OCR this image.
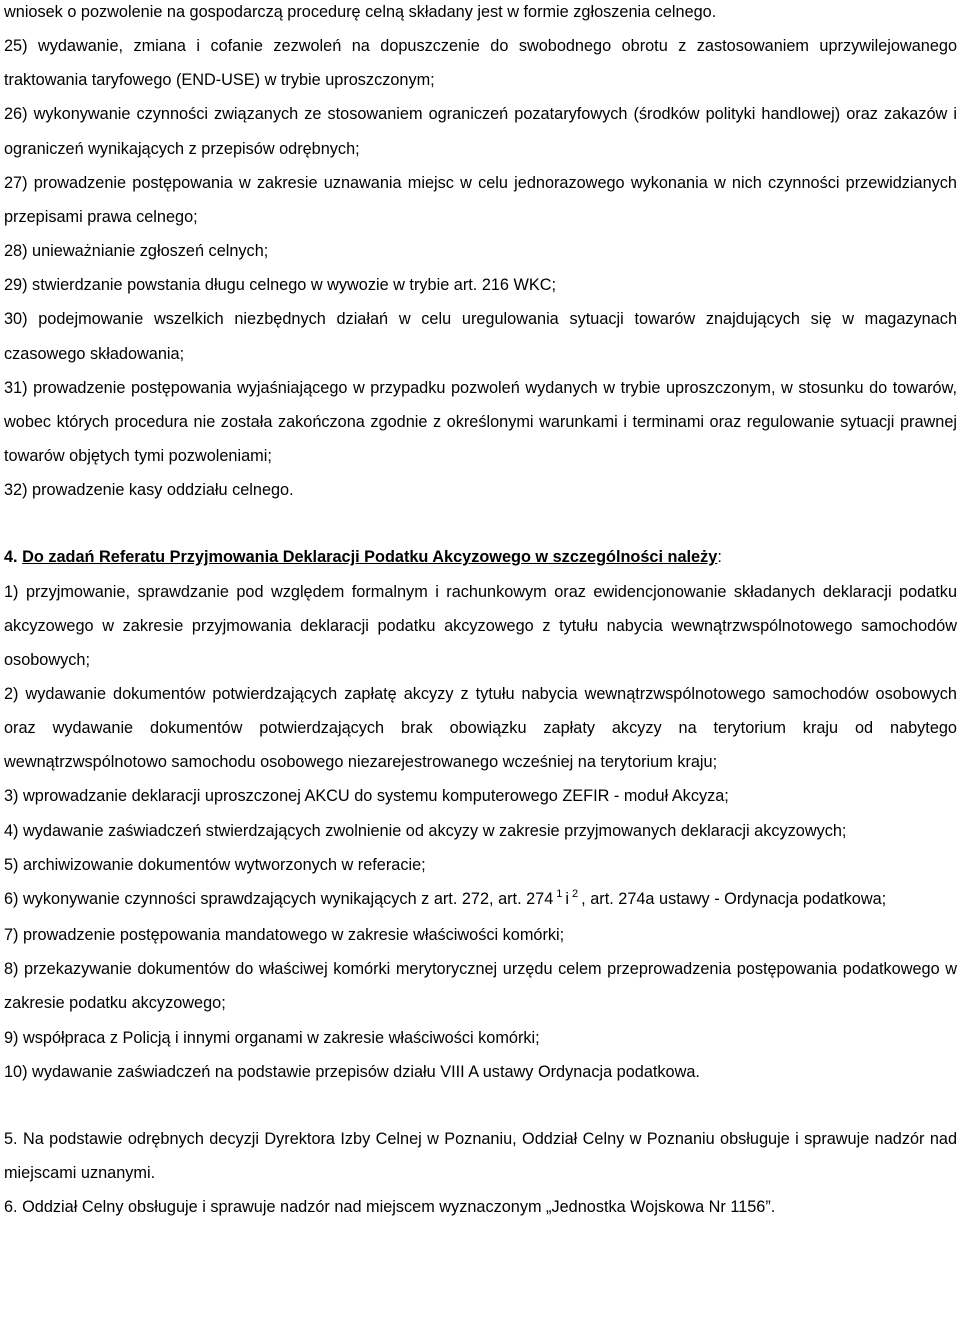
wniosek o pozwolenie na gospodarczą procedurę celną składany jest w formie zgłoszenia celnego.

25) wydawanie, zmiana i cofanie zezwoleń na dopuszczenie do swobodnego obrotu z zastosowaniem uprzywilejowanego traktowania taryfowego (END-USE) w trybie uproszczonym;

26) wykonywanie czynności związanych ze stosowaniem ograniczeń pozataryfowych (środków polityki handlowej) oraz zakazów i ograniczeń wynikających z przepisów odrębnych;

27) prowadzenie postępowania w zakresie uznawania miejsc w celu jednorazowego wykonania w nich czynności przewidzianych przepisami prawa celnego;

28) unieważnianie zgłoszeń celnych;

29) stwierdzanie powstania długu celnego w wywozie w trybie art. 216 WKC;

30) podejmowanie wszelkich niezbędnych działań w celu uregulowania sytuacji towarów znajdujących się w magazynach czasowego składowania;

31) prowadzenie postępowania wyjaśniającego w przypadku pozwoleń wydanych w trybie uproszczonym, w stosunku do towarów, wobec których procedura nie została zakończona zgodnie z określonymi warunkami i terminami oraz regulowanie sytuacji prawnej towarów objętych tymi pozwoleniami;

32) prowadzenie kasy oddziału celnego.

4. Do zadań Referatu Przyjmowania Deklaracji Podatku Akcyzowego w szczególności należy:

1) przyjmowanie, sprawdzanie pod względem formalnym i rachunkowym oraz ewidencjonowanie składanych deklaracji podatku akcyzowego w zakresie przyjmowania deklaracji podatku akcyzowego z tytułu nabycia wewnątrzwspólnotowego samochodów osobowych;

2) wydawanie dokumentów potwierdzających zapłatę akcyzy z tytułu nabycia wewnątrzwspólnotowego samochodów osobowych oraz wydawanie dokumentów potwierdzających brak obowiązku zapłaty akcyzy na terytorium kraju od nabytego wewnątrzwspólnotowo samochodu osobowego niezarejestrowanego wcześniej na terytorium kraju;

3) wprowadzanie deklaracji uproszczonej AKCU do systemu komputerowego ZEFIR - moduł Akcyza;

4) wydawanie zaświadczeń stwierdzających zwolnienie od akcyzy w zakresie przyjmowanych deklaracji akcyzowych;

5) archiwizowanie dokumentów wytworzonych w referacie;

6) wykonywanie czynności sprawdzających wynikających z art. 272, art. 274 $^1$ i $^2$ , art. 274a ustawy - Ordynacja podatkowa;

7) prowadzenie postępowania mandatowego w zakresie właściwości komórki;

8) przekazywanie dokumentów do właściwej komórki merytorycznej urzędu celem przeprowadzenia postępowania podatkowego w zakresie podatku akcyzowego;

9) współpraca z Policją i innymi organami w zakresie właściwości komórki;

10) wydawanie zaświadczeń na podstawie przepisów działu VIII A ustawy Ordynacja podatkowa.

5. Na podstawie odrębnych decyzji Dyrektora Izby Celnej w Poznaniu, Oddział Celny w Poznaniu obsługuje i sprawuje nadzór nad miejscami uznanymi.

6. Oddział Celny obsługuje i sprawuje nadzór nad miejscem wyznaczonym „Jednostka Wojskowa Nr 1156”.
